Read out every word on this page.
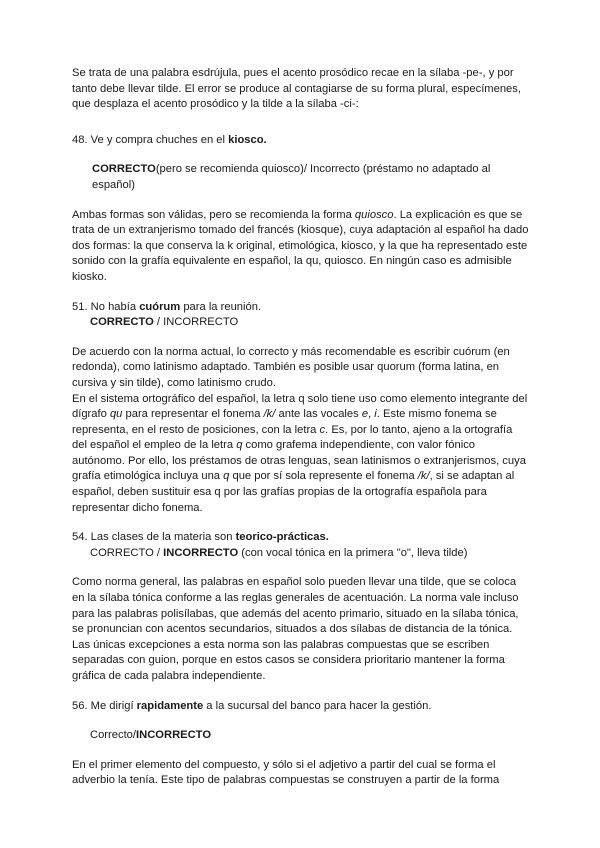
Se trata de una palabra esdrújula, pues el acento prosódico recae en la sílaba -pe-, y por tanto debe llevar tilde. El error se produce al contagiarse de su forma plural, especímenes, que desplaza el acento prosódico y la tilde a la sílaba -ci-:

48. Ve y compra chuches en el kiosco.

CORRECTO(pero se recomienda quiosco)/ Incorrecto (préstamo no adaptado al español)

Ambas formas son válidas, pero se recomienda la forma quiosco. La explicación es que se trata de un extranjerismo tomado del francés (kiosque), cuya adaptación al español ha dado dos formas: la que conserva la k original, etimológica, kiosco, y la que ha representado este sonido con la grafía equivalente en español, la qu, quiosco. En ningún caso es admisible kiosko.

51. No había cuórum para la reunión.

CORRECTO / INCORRECTO

De acuerdo con la norma actual, lo correcto y más recomendable es escribir cuórum (en redonda), como latinismo adaptado. También es posible usar quorum (forma latina, en cursiva y sin tilde), como latinismo crudo.

En el sistema ortográfico del español, la letra q solo tiene uso como elemento integrante del dígrafo qu para representar el fonema /k/ ante las vocales e, i. Este mismo fonema se representa, en el resto de posiciones, con la letra c. Es, por lo tanto, ajeno a la ortografía del español el empleo de la letra q como grafema independiente, con valor fónico autónomo. Por ello, los préstamos de otras lenguas, sean latinismos o extranjerismos, cuya grafía etimológica incluya una q que por sí sola represente el fonema /k/, si se adaptan al español, deben sustituir esa q por las grafías propias de la ortografía española para representar dicho fonema.

54. Las clases de la materia son teorico-prácticas.

CORRECTO / INCORRECTO (con vocal tónica en la primera "o", lleva tilde)

Como norma general, las palabras en español solo pueden llevar una tilde, que se coloca en la sílaba tónica conforme a las reglas generales de acentuación. La norma vale incluso para las palabras polisílabas, que además del acento primario, situado en la sílaba tónica, se pronuncian con acentos secundarios, situados a dos sílabas de distancia de la tónica. Las únicas excepciones a esta norma son las palabras compuestas que se escriben separadas con guion, porque en estos casos se considera prioritario mantener la forma gráfica de cada palabra independiente.

56. Me dirigí rapidamente a la sucursal del banco para hacer la gestión.

Correcto/INCORRECTO

En el primer elemento del compuesto, y sólo si el adjetivo a partir del cual se forma el adverbio la tenía. Este tipo de palabras compuestas se construyen a partir de la forma
